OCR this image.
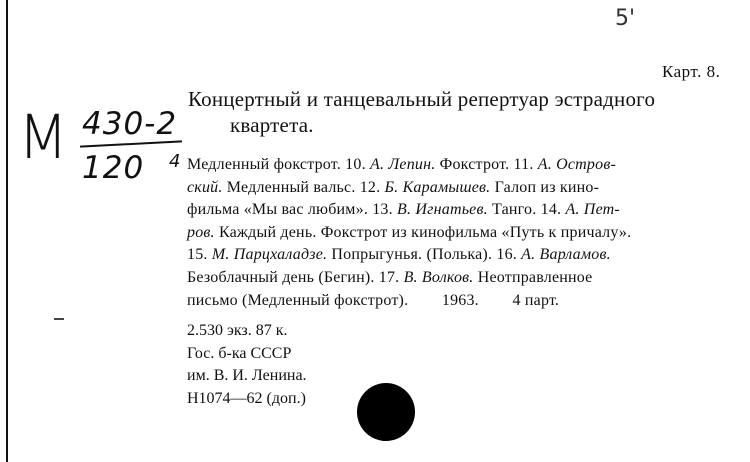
5'
М 430-2
120 $^4$
Карт. 8.
Концертный и танцевальный репертуар эстрадного
квартета.

Медленный фокстрот. 10. А. Лепин. Фокстрот. 11. А. Остров-

ский. Медленный вальс. 12. Б. Карамышев. Галоп из кино-

фильма «Мы вас любим». 13. В. Игнатьев. Танго. 14. А. Пет-

ров. Каждый день. Фокстрот из кинофильма «Путь к причалу».

15. М. Парцхаладзе. Попрыгунья. (Полька). 16. А. Варламов.

Безоблачный день (Бегин). 17. В. Волков. Неотправленное

письмо (Медленный фокстрот).        1963.        4 парт.

2.530 экз. 87 к.

Гос. б-ка СССР

им. В. И. Ленина.

Н1074—62 (доп.)
